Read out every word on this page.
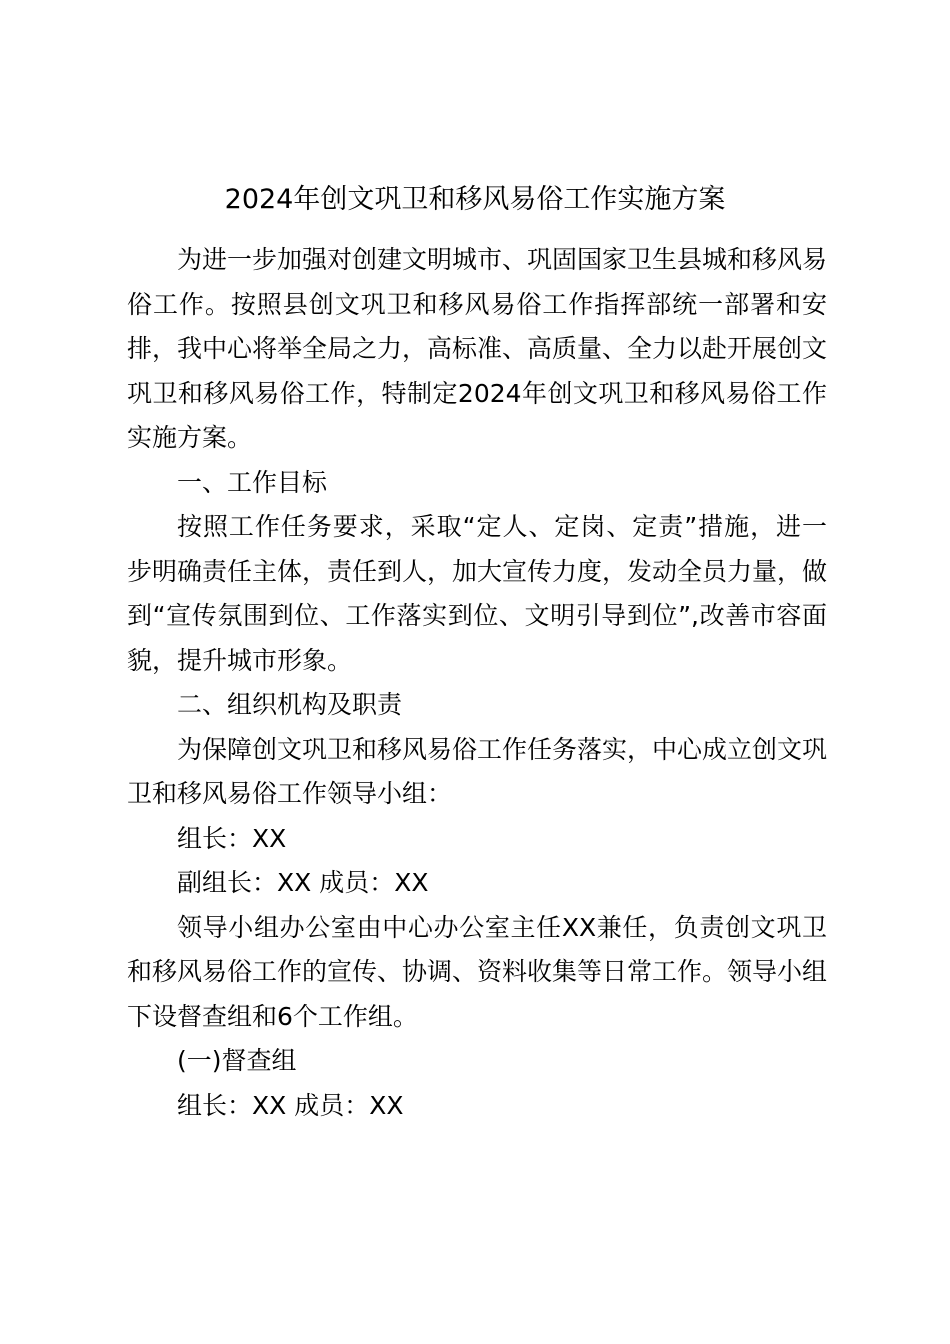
2024年创文巩卫和移风易俗工作实施方案

为进一步加强对创建文明城市、巩固国家卫生县城和移风易俗工作。按照县创文巩卫和移风易俗工作指挥部统一部署和安排，我中心将举全局之力，高标准、高质量、全力以赴开展创文巩卫和移风易俗工作，特制定2024年创文巩卫和移风易俗工作实施方案。

一、工作目标

按照工作任务要求，采取“定人、定岗、定责”措施，进一步明确责任主体，责任到人，加大宣传力度，发动全员力量，做到“宣传氛围到位、工作落实到位、文明引导到位”,改善市容面貌，提升城市形象。

二、组织机构及职责

为保障创文巩卫和移风易俗工作任务落实，中心成立创文巩卫和移风易俗工作领导小组：

组长：XX

副组长：XX 成员：XX

领导小组办公室由中心办公室主任XX兼任，负责创文巩卫和移风易俗工作的宣传、协调、资料收集等日常工作。领导小组下设督查组和6个工作组。

(一)督查组

组长：XX 成员：XX
